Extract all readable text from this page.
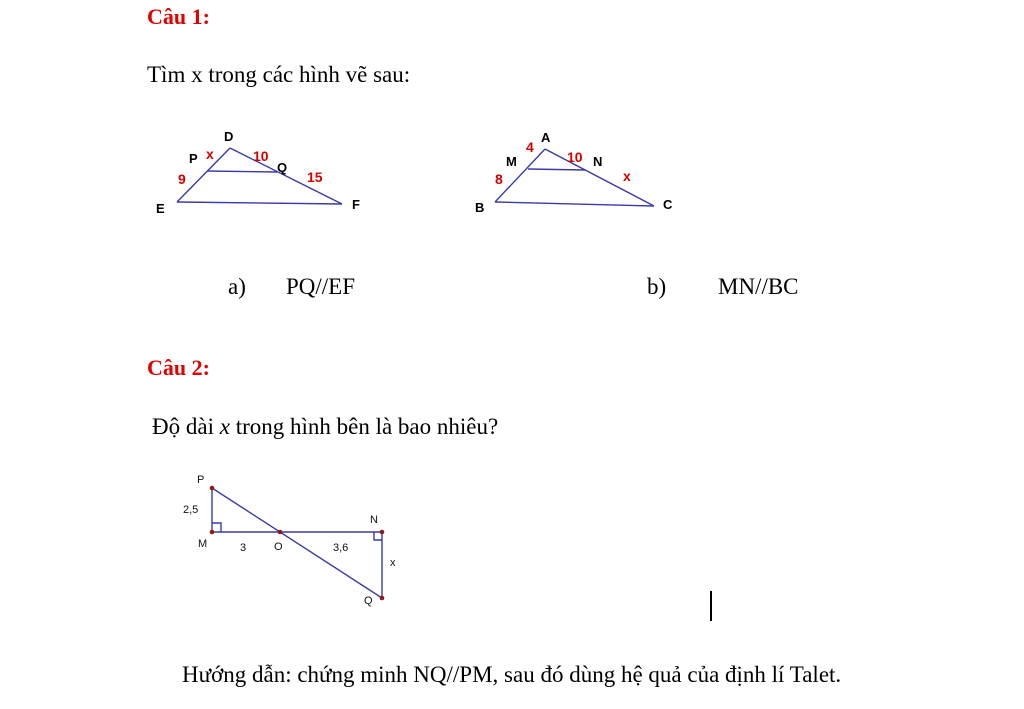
Câu 1:
Tìm x trong các hình vẽ sau:
D
P
Q
E	F
x	10
9	15
A
M	N
B	C
4
10
8	x
a) PQ//EF	b) MN//BC
Câu 2:
Độ dài x trong hình bên là bao nhiêu?
P
M	O
N
Q
2,5
3	3,6
x
Hướng dẫn: chứng minh NQ//PM, sau đó dùng hệ quả của định lí Talet.
